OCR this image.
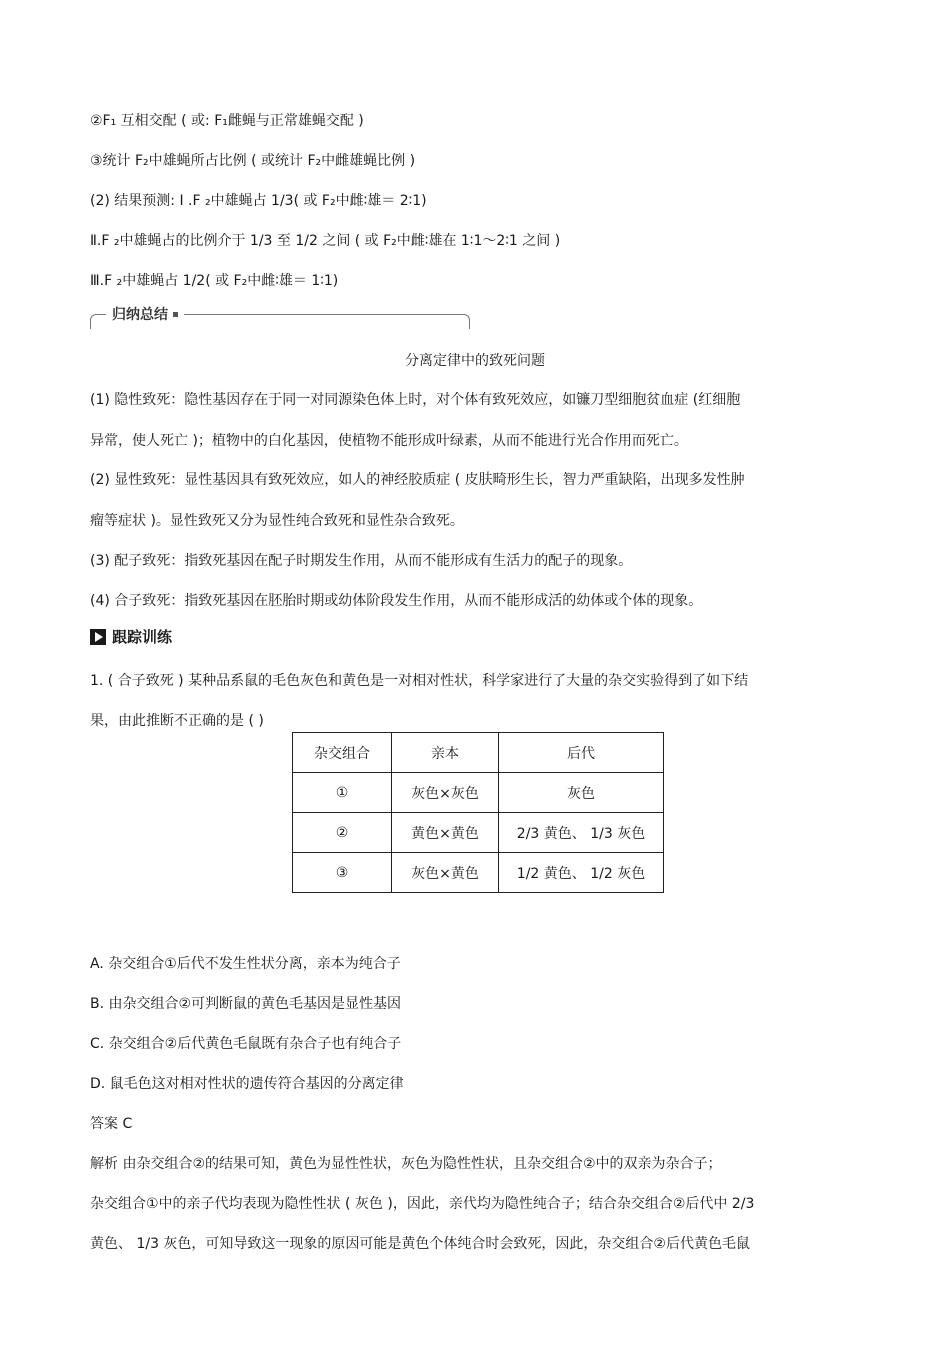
②F₁ 互相交配 ( 或: F₁雌蝇与正常雄蝇交配 )
③统计 F₂中雄蝇所占比例 ( 或统计 F₂中雌雄蝇比例 )
(2) 结果预测: Ⅰ .F ₂中雄蝇占 1/3( 或 F₂中雌∶雄＝ 2∶1)
Ⅱ.F ₂中雄蝇占的比例介于 1/3 至 1/2 之间 ( 或 F₂中雌∶雄在 1∶1～2∶1 之间 )
Ⅲ.F ₂中雄蝇占 1/2( 或 F₂中雌∶雄＝ 1∶1)
归纳总结
分离定律中的致死问题
(1) 隐性致死：隐性基因存在于同一对同源染色体上时，对个体有致死效应，如镰刀型细胞贫血症 (红细胞
异常，使人死亡 )；植物中的白化基因，使植物不能形成叶绿素，从而不能进行光合作用而死亡。
(2) 显性致死：显性基因具有致死效应，如人的神经胶质症 ( 皮肤畸形生长，智力严重缺陷，出现多发性肿
瘤等症状 )。显性致死又分为显性纯合致死和显性杂合致死。
(3) 配子致死：指致死基因在配子时期发生作用，从而不能形成有生活力的配子的现象。
(4) 合子致死：指致死基因在胚胎时期或幼体阶段发生作用，从而不能形成活的幼体或个体的现象。
跟踪训练
1. ( 合子致死 ) 某种品系鼠的毛色灰色和黄色是一对相对性状，科学家进行了大量的杂交实验得到了如下结
果，由此推断不正确的是 ( )
杂交组合	亲本	后代
①	灰色×灰色	灰色
②	黄色×黄色	2/3 黄色、 1/3 灰色
③	灰色×黄色	1/2 黄色、 1/2 灰色
A. 杂交组合①后代不发生性状分离，亲本为纯合子
B. 由杂交组合②可判断鼠的黄色毛基因是显性基因
C. 杂交组合②后代黄色毛鼠既有杂合子也有纯合子
D. 鼠毛色这对相对性状的遗传符合基因的分离定律
答案 C
解析 由杂交组合②的结果可知，黄色为显性性状，灰色为隐性性状，且杂交组合②中的双亲为杂合子；
杂交组合①中的亲子代均表现为隐性性状 ( 灰色 )，因此，亲代均为隐性纯合子；结合杂交组合②后代中 2/3
黄色、 1/3 灰色，可知导致这一现象的原因可能是黄色个体纯合时会致死，因此，杂交组合②后代黄色毛鼠
